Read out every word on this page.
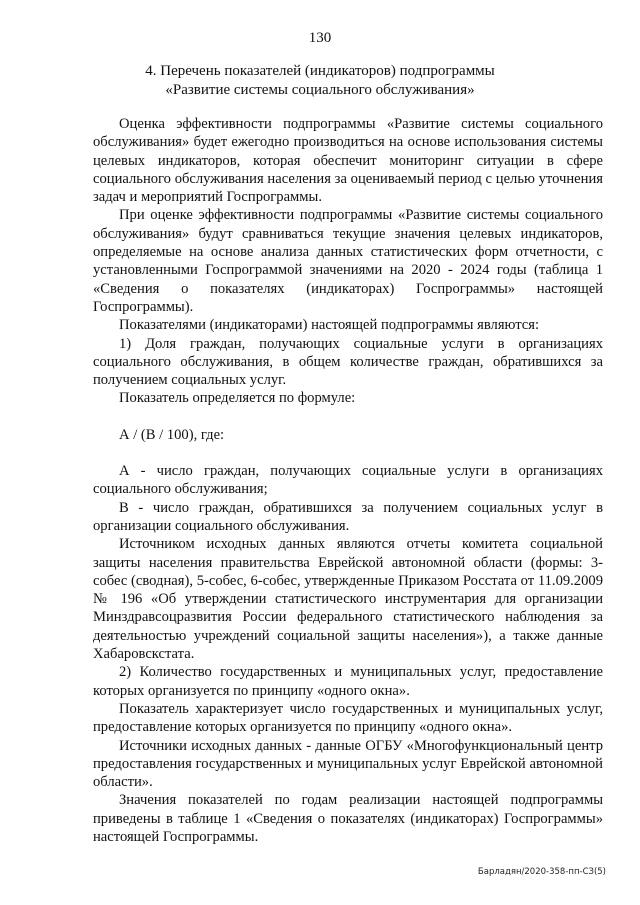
130
4. Перечень показателей (индикаторов) подпрограммы
«Развитие системы социального обслуживания»

Оценка эффективности подпрограммы «Развитие системы социального обслуживания» будет ежегодно производиться на основе использования системы целевых индикаторов, которая обеспечит мониторинг ситуации в сфере социального обслуживания населения за оцениваемый период с целью уточнения задач и мероприятий Госпрограммы.

При оценке эффективности подпрограммы «Развитие системы социального обслуживания» будут сравниваться текущие значения целевых индикаторов, определяемые на основе анализа данных статистических форм отчетности, с установленными Госпрограммой значениями на 2020 - 2024 годы (таблица 1 «Сведения о показателях (индикаторах) Госпрограммы» настоящей Госпрограммы).

Показателями (индикаторами) настоящей подпрограммы являются:

1) Доля граждан, получающих социальные услуги в организациях социального обслуживания, в общем количестве граждан, обратившихся за получением социальных услуг.

Показатель определяется по формуле:

А / (В / 100), где:

А - число граждан, получающих социальные услуги в организациях социального обслуживания;

В - число граждан, обратившихся за получением социальных услуг в организации социального обслуживания.

Источником исходных данных являются отчеты комитета социальной защиты населения правительства Еврейской автономной области (формы: 3-собес (сводная), 5-собес, 6-собес, утвержденные Приказом Росстата от 11.09.2009 № 196 «Об утверждении статистического инструментария для организации Минздравсоцразвития России федерального статистического наблюдения за деятельностью учреждений социальной защиты населения»), а также данные Хабаровскстата.

2) Количество государственных и муниципальных услуг, предоставление которых организуется по принципу «одного окна».

Показатель характеризует число государственных и муниципальных услуг, предоставление которых организуется по принципу «одного окна».

Источники исходных данных - данные ОГБУ «Многофункциональный центр предоставления государственных и муниципальных услуг Еврейской автономной области».

Значения показателей по годам реализации настоящей подпрограммы приведены в таблице 1 «Сведения о показателях (индикаторах) Госпрограммы» настоящей Госпрограммы.

Барладян/2020-358-пп-СЗ(5)
